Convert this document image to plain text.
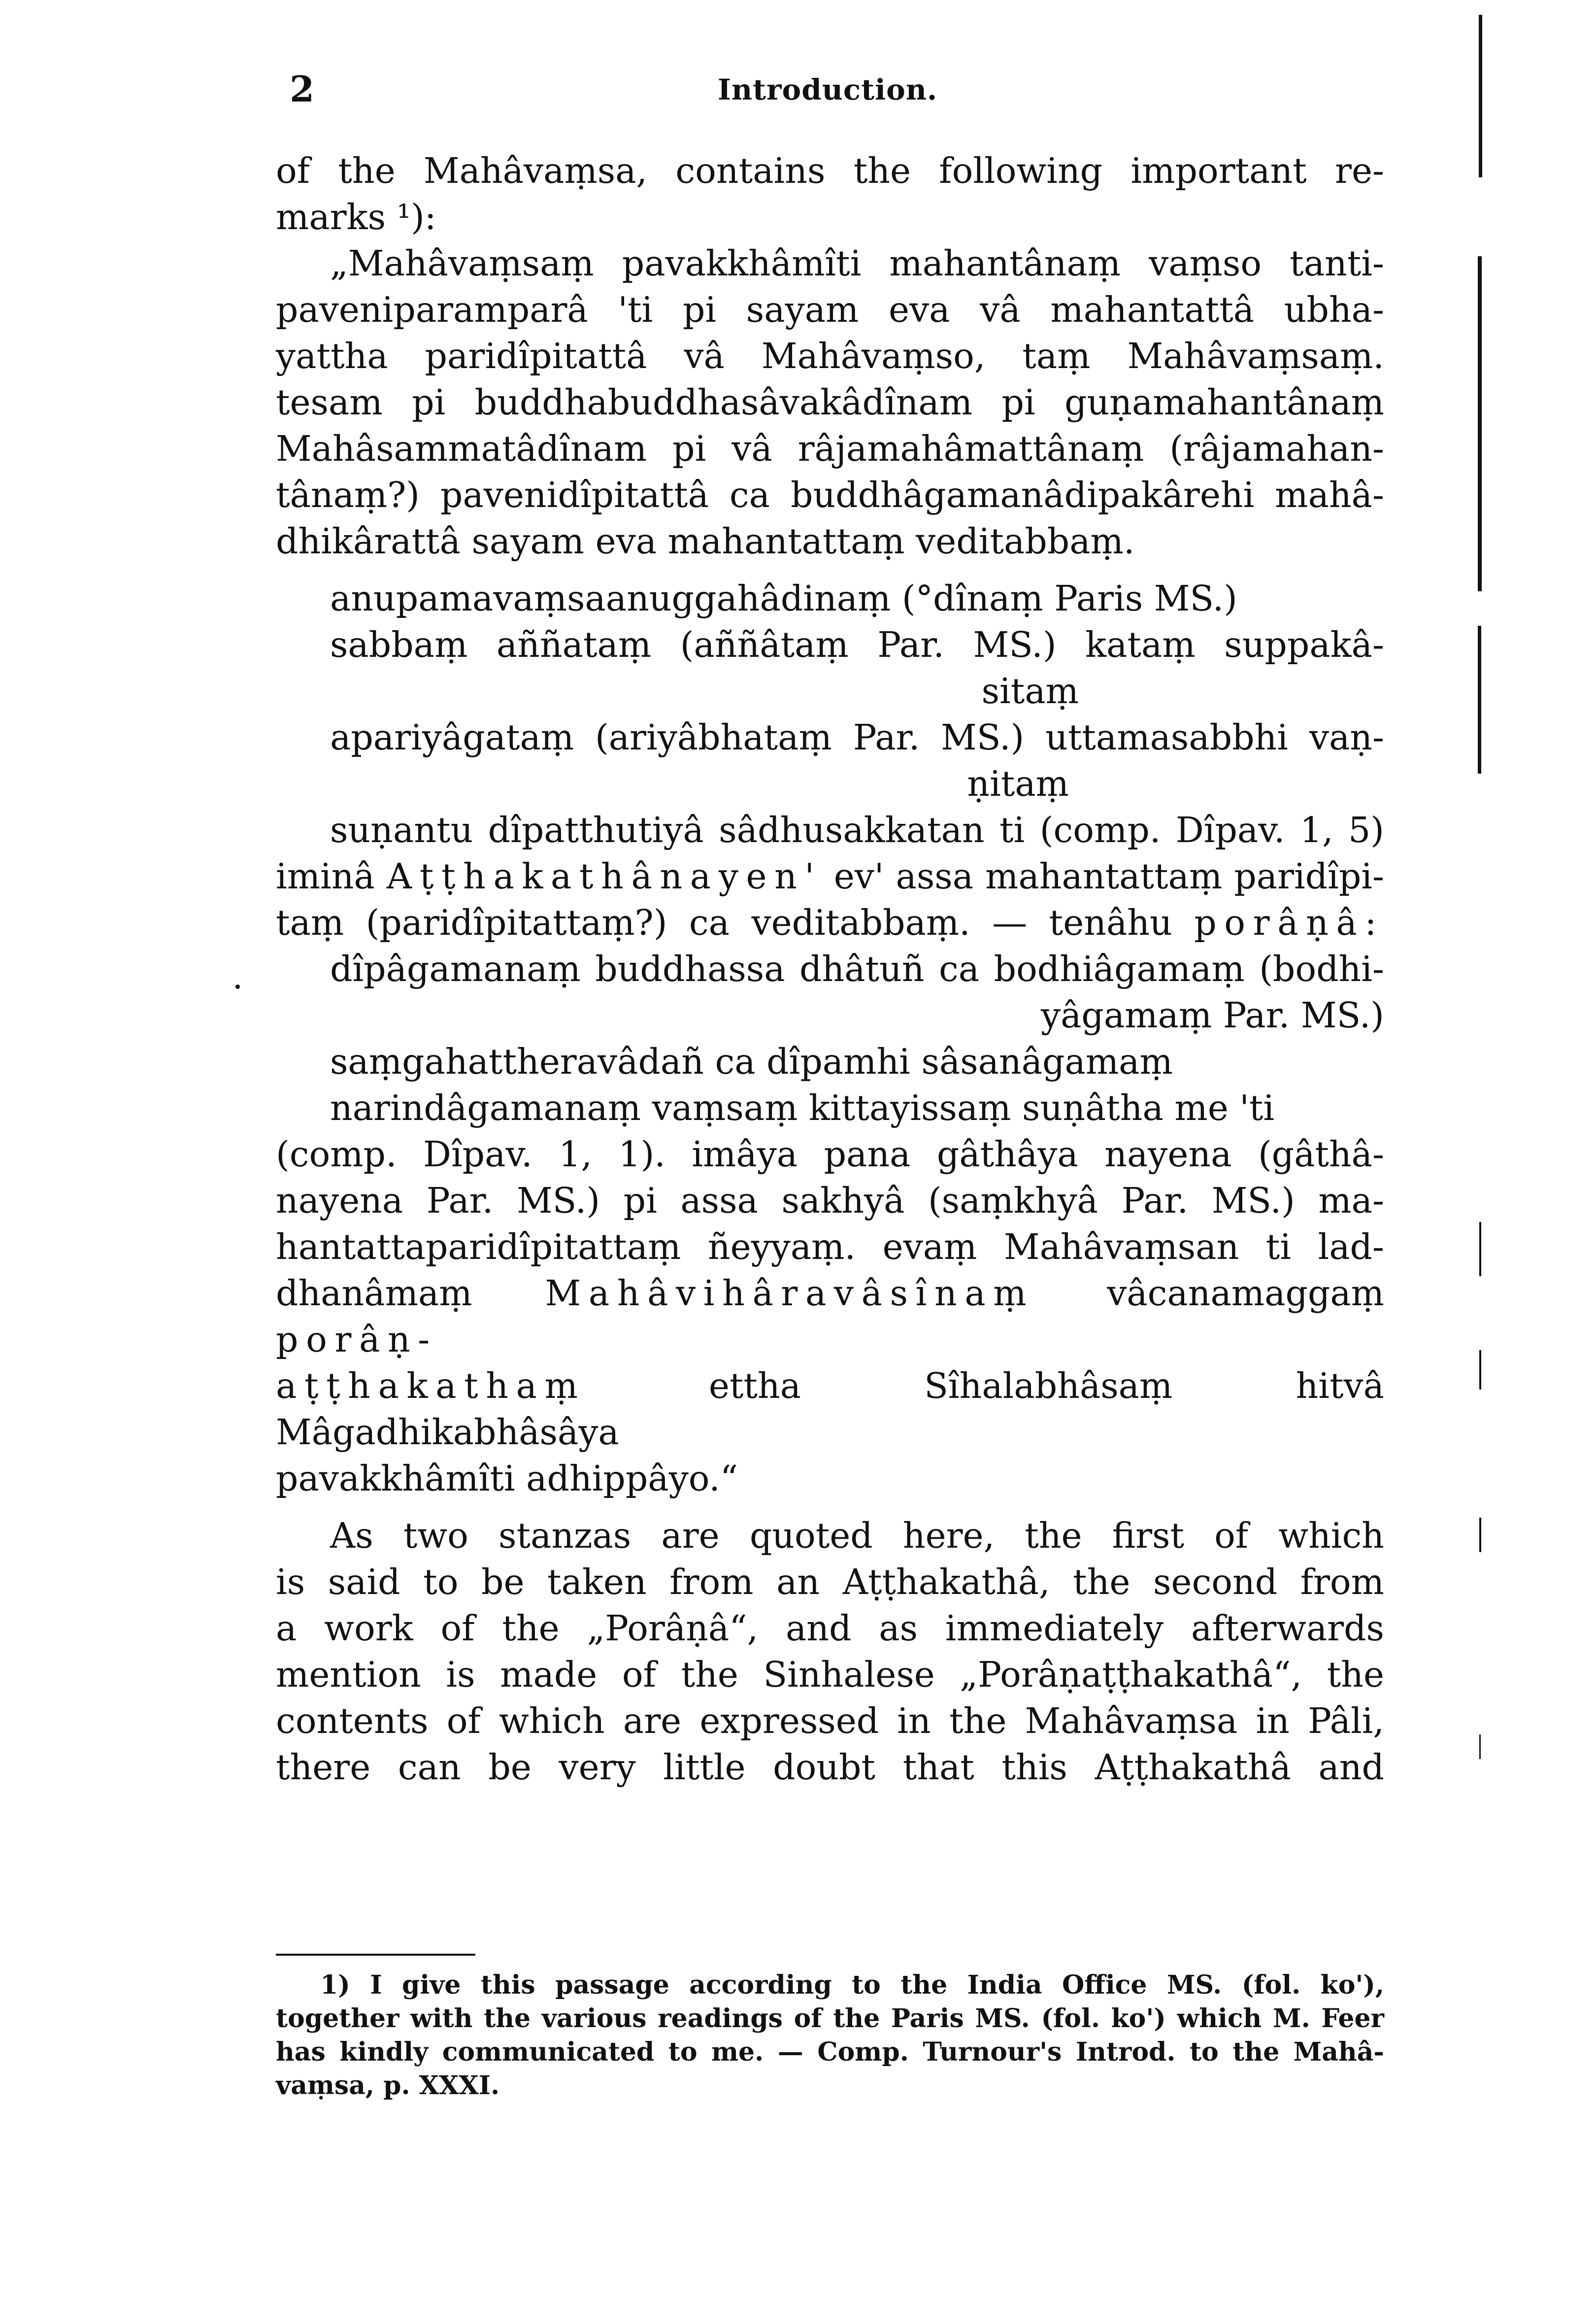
2	Introduction.

of the Mahâvaṃsa, contains the following important re-

marks ¹):

„Mahâvaṃsaṃ pavakkhâmîti mahantânaṃ vaṃso tanti-

paveniparamparâ 'ti pi sayam eva vâ mahantattâ ubha-

yattha paridîpitattâ vâ Mahâvaṃso, taṃ Mahâvaṃsaṃ.

tesam pi buddhabuddhasâvakâdînam pi guṇamahantânaṃ

Mahâsammatâdînam pi vâ râjamahâmattânaṃ (râjamahan-

tânaṃ?) pavenidîpitattâ ca buddhâgamanâdipakârehi mahâ-

dhikârattâ sayam eva mahantattaṃ veditabbaṃ.

anupamavaṃsaanuggahâdinaṃ (°dînaṃ Paris MS.)

sabbaṃ aññataṃ (aññâtaṃ Par. MS.) kataṃ suppakâ-

sitaṃ

apariyâgataṃ (ariyâbhataṃ Par. MS.) uttamasabbhi vaṇ-

ṇitaṃ

suṇantu dîpatthutiyâ sâdhusakkatan ti (comp. Dîpav. 1, 5)

iminâ Aṭṭhakathânayen' ev' assa mahantattaṃ paridîpi-

taṃ (paridîpitattaṃ?) ca veditabbaṃ. — tenâhu porâṇâ:

dîpâgamanaṃ buddhassa dhâtuñ ca bodhiâgamaṃ (bodhi-

yâgamaṃ Par. MS.)

saṃgahattheravâdañ ca dîpamhi sâsanâgamaṃ

narindâgamanaṃ vaṃsaṃ kittayissaṃ suṇâtha me 'ti

(comp. Dîpav. 1, 1). imâya pana gâthâya nayena (gâthâ-

nayena Par. MS.) pi assa sakhyâ (saṃkhyâ Par. MS.) ma-

hantattaparidîpitattaṃ ñeyyaṃ. evaṃ Mahâvaṃsan ti lad-

dhanâmaṃ Mahâvihâravâsînaṃ vâcanamaggaṃ porâṇ-

aṭṭhakathaṃ ettha Sîhalabhâsaṃ hitvâ Mâgadhikabhâsâya

pavakkhâmîti adhippâyo.“

As two stanzas are quoted here, the first of which

is said to be taken from an Aṭṭhakathâ, the second from

a work of the „Porâṇâ“, and as immediately afterwards

mention is made of the Sinhalese „Porâṇaṭṭhakathâ“, the

contents of which are expressed in the Mahâvaṃsa in Pâli,

there can be very little doubt that this Aṭṭhakathâ and

1) I give this passage according to the India Office MS. (fol. ko'),

together with the various readings of the Paris MS. (fol. ko') which M. Feer

has kindly communicated to me. — Comp. Turnour's Introd. to the Mahâ-

vaṃsa, p. XXXI.
